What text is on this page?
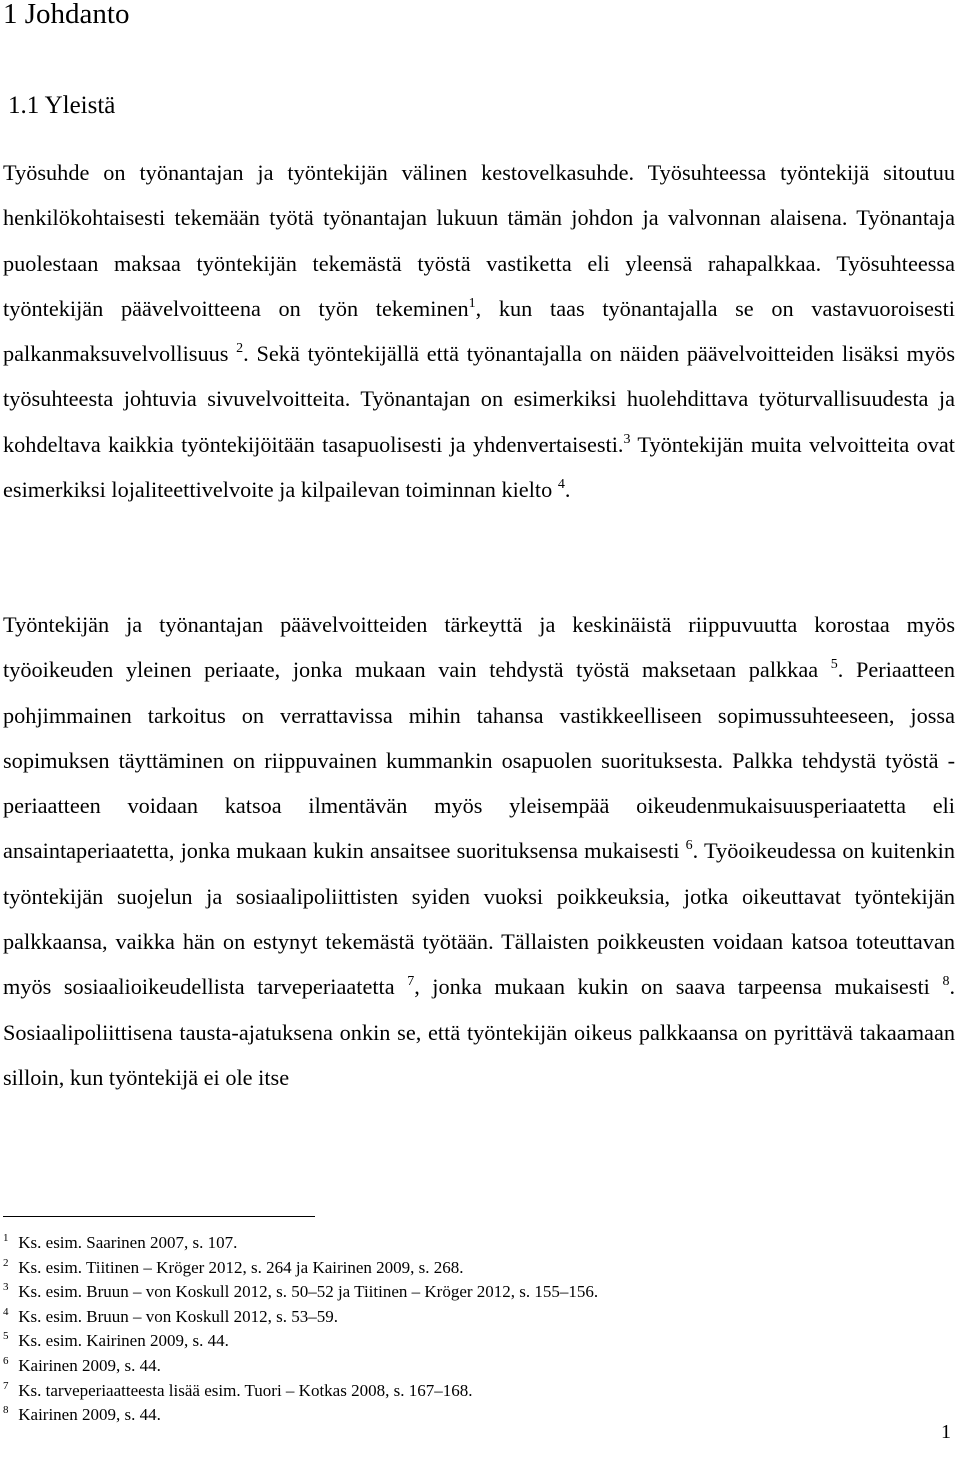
1 Johdanto
1.1 Yleistä

Työsuhde on työnantajan ja työntekijän välinen kestovelkasuhde. Työsuhteessa työntekijä sitoutuu henkilökohtaisesti tekemään työtä työnantajan lukuun tämän johdon ja valvonnan alaisena. Työnantaja puolestaan maksaa työntekijän tekemästä työstä vastiketta eli yleensä rahapalkkaa. Työsuhteessa työntekijän päävelvoitteena on työn tekeminen$^1$, kun taas työnantajalla se on vastavuoroisesti palkanmaksuvelvollisuus $^2$. Sekä työntekijällä että työnantajalla on näiden päävelvoitteiden lisäksi myös työsuhteesta johtuvia sivuvelvoitteita. Työnantajan on esimerkiksi huolehdittava työturvallisuudesta ja kohdeltava kaikkia työntekijöitään tasapuolisesti ja yhdenvertaisesti.$^3$ Työntekijän muita velvoitteita ovat esimerkiksi lojaliteettivelvoite ja kilpailevan toiminnan kielto $^4$.

Työntekijän ja työnantajan päävelvoitteiden tärkeyttä ja keskinäistä riippuvuutta korostaa myös työoikeuden yleinen periaate, jonka mukaan vain tehdystä työstä maksetaan palkkaa $^5$. Periaatteen pohjimmainen tarkoitus on verrattavissa mihin tahansa vastikkeelliseen sopimussuhteeseen, jossa sopimuksen täyttäminen on riippuvainen kummankin osapuolen suorituksesta. Palkka tehdystä työstä -periaatteen voidaan katsoa ilmentävän myös yleisempää oikeudenmukaisuusperiaatetta eli ansaintaperiaatetta, jonka mukaan kukin ansaitsee suorituksensa mukaisesti $^6$. Työoikeudessa on kuitenkin työntekijän suojelun ja sosiaalipoliittisten syiden vuoksi poikkeuksia, jotka oikeuttavat työntekijän palkkaansa, vaikka hän on estynyt tekemästä työtään. Tällaisten poikkeusten voidaan katsoa toteuttavan myös sosiaalioikeudellista tarveperiaatetta $^7$, jonka mukaan kukin on saava tarpeensa mukaisesti $^8$. Sosiaalipoliittisena tausta-ajatuksena onkin se, että työntekijän oikeus palkkaansa on pyrittävä takaamaan silloin, kun työntekijä ei ole itse

1 Ks. esim. Saarinen 2007, s. 107.
2 Ks. esim. Tiitinen – Kröger 2012, s. 264 ja Kairinen 2009, s. 268.
3 Ks. esim. Bruun – von Koskull 2012, s. 50–52 ja Tiitinen – Kröger 2012, s. 155–156.
4 Ks. esim. Bruun – von Koskull 2012, s. 53–59.
5 Ks. esim. Kairinen 2009, s. 44.
6 Kairinen 2009, s. 44.
7 Ks. tarveperiaatteesta lisää esim. Tuori – Kotkas 2008, s. 167–168.
8 Kairinen 2009, s. 44.
1
